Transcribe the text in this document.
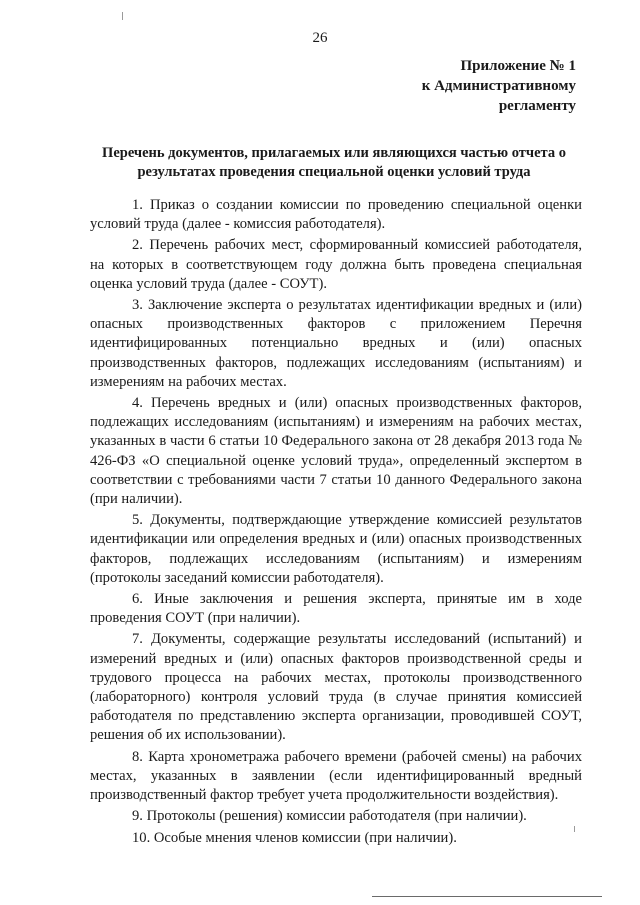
26
Приложение № 1
к Административному
регламенту
Перечень документов, прилагаемых или являющихся частью отчета о
результатах проведения специальной оценки условий труда
1. Приказ о создании комиссии по проведению специальной оценки условий труда (далее - комиссия работодателя).
2. Перечень рабочих мест, сформированный комиссией работодателя, на которых в соответствующем году должна быть проведена специальная оценка условий труда (далее - СОУТ).
3. Заключение эксперта о результатах идентификации вредных и (или) опасных производственных факторов с приложением Перечня идентифицированных потенциально вредных и (или) опасных производственных факторов, подлежащих исследованиям (испытаниям) и измерениям на рабочих местах.
4. Перечень вредных и (или) опасных производственных факторов, подлежащих исследованиям (испытаниям) и измерениям на рабочих местах, указанных в части 6 статьи 10 Федерального закона от 28 декабря 2013 года № 426-ФЗ «О специальной оценке условий труда», определенный экспертом в соответствии с требованиями части 7 статьи 10 данного Федерального закона (при наличии).
5. Документы, подтверждающие утверждение комиссией результатов идентификации или определения вредных и (или) опасных производственных факторов, подлежащих исследованиям (испытаниям) и измерениям (протоколы заседаний комиссии работодателя).
6. Иные заключения и решения эксперта, принятые им в ходе проведения СОУТ (при наличии).
7. Документы, содержащие результаты исследований (испытаний) и измерений вредных и (или) опасных факторов производственной среды и трудового процесса на рабочих местах, протоколы производственного (лабораторного) контроля условий труда (в случае принятия комиссией работодателя по представлению эксперта организации, проводившей СОУТ, решения об их использовании).
8. Карта хронометража рабочего времени (рабочей смены) на рабочих местах, указанных в заявлении (если идентифицированный вредный производственный фактор требует учета продолжительности воздействия).
9. Протоколы (решения) комиссии работодателя (при наличии).
10. Особые мнения членов комиссии (при наличии).
